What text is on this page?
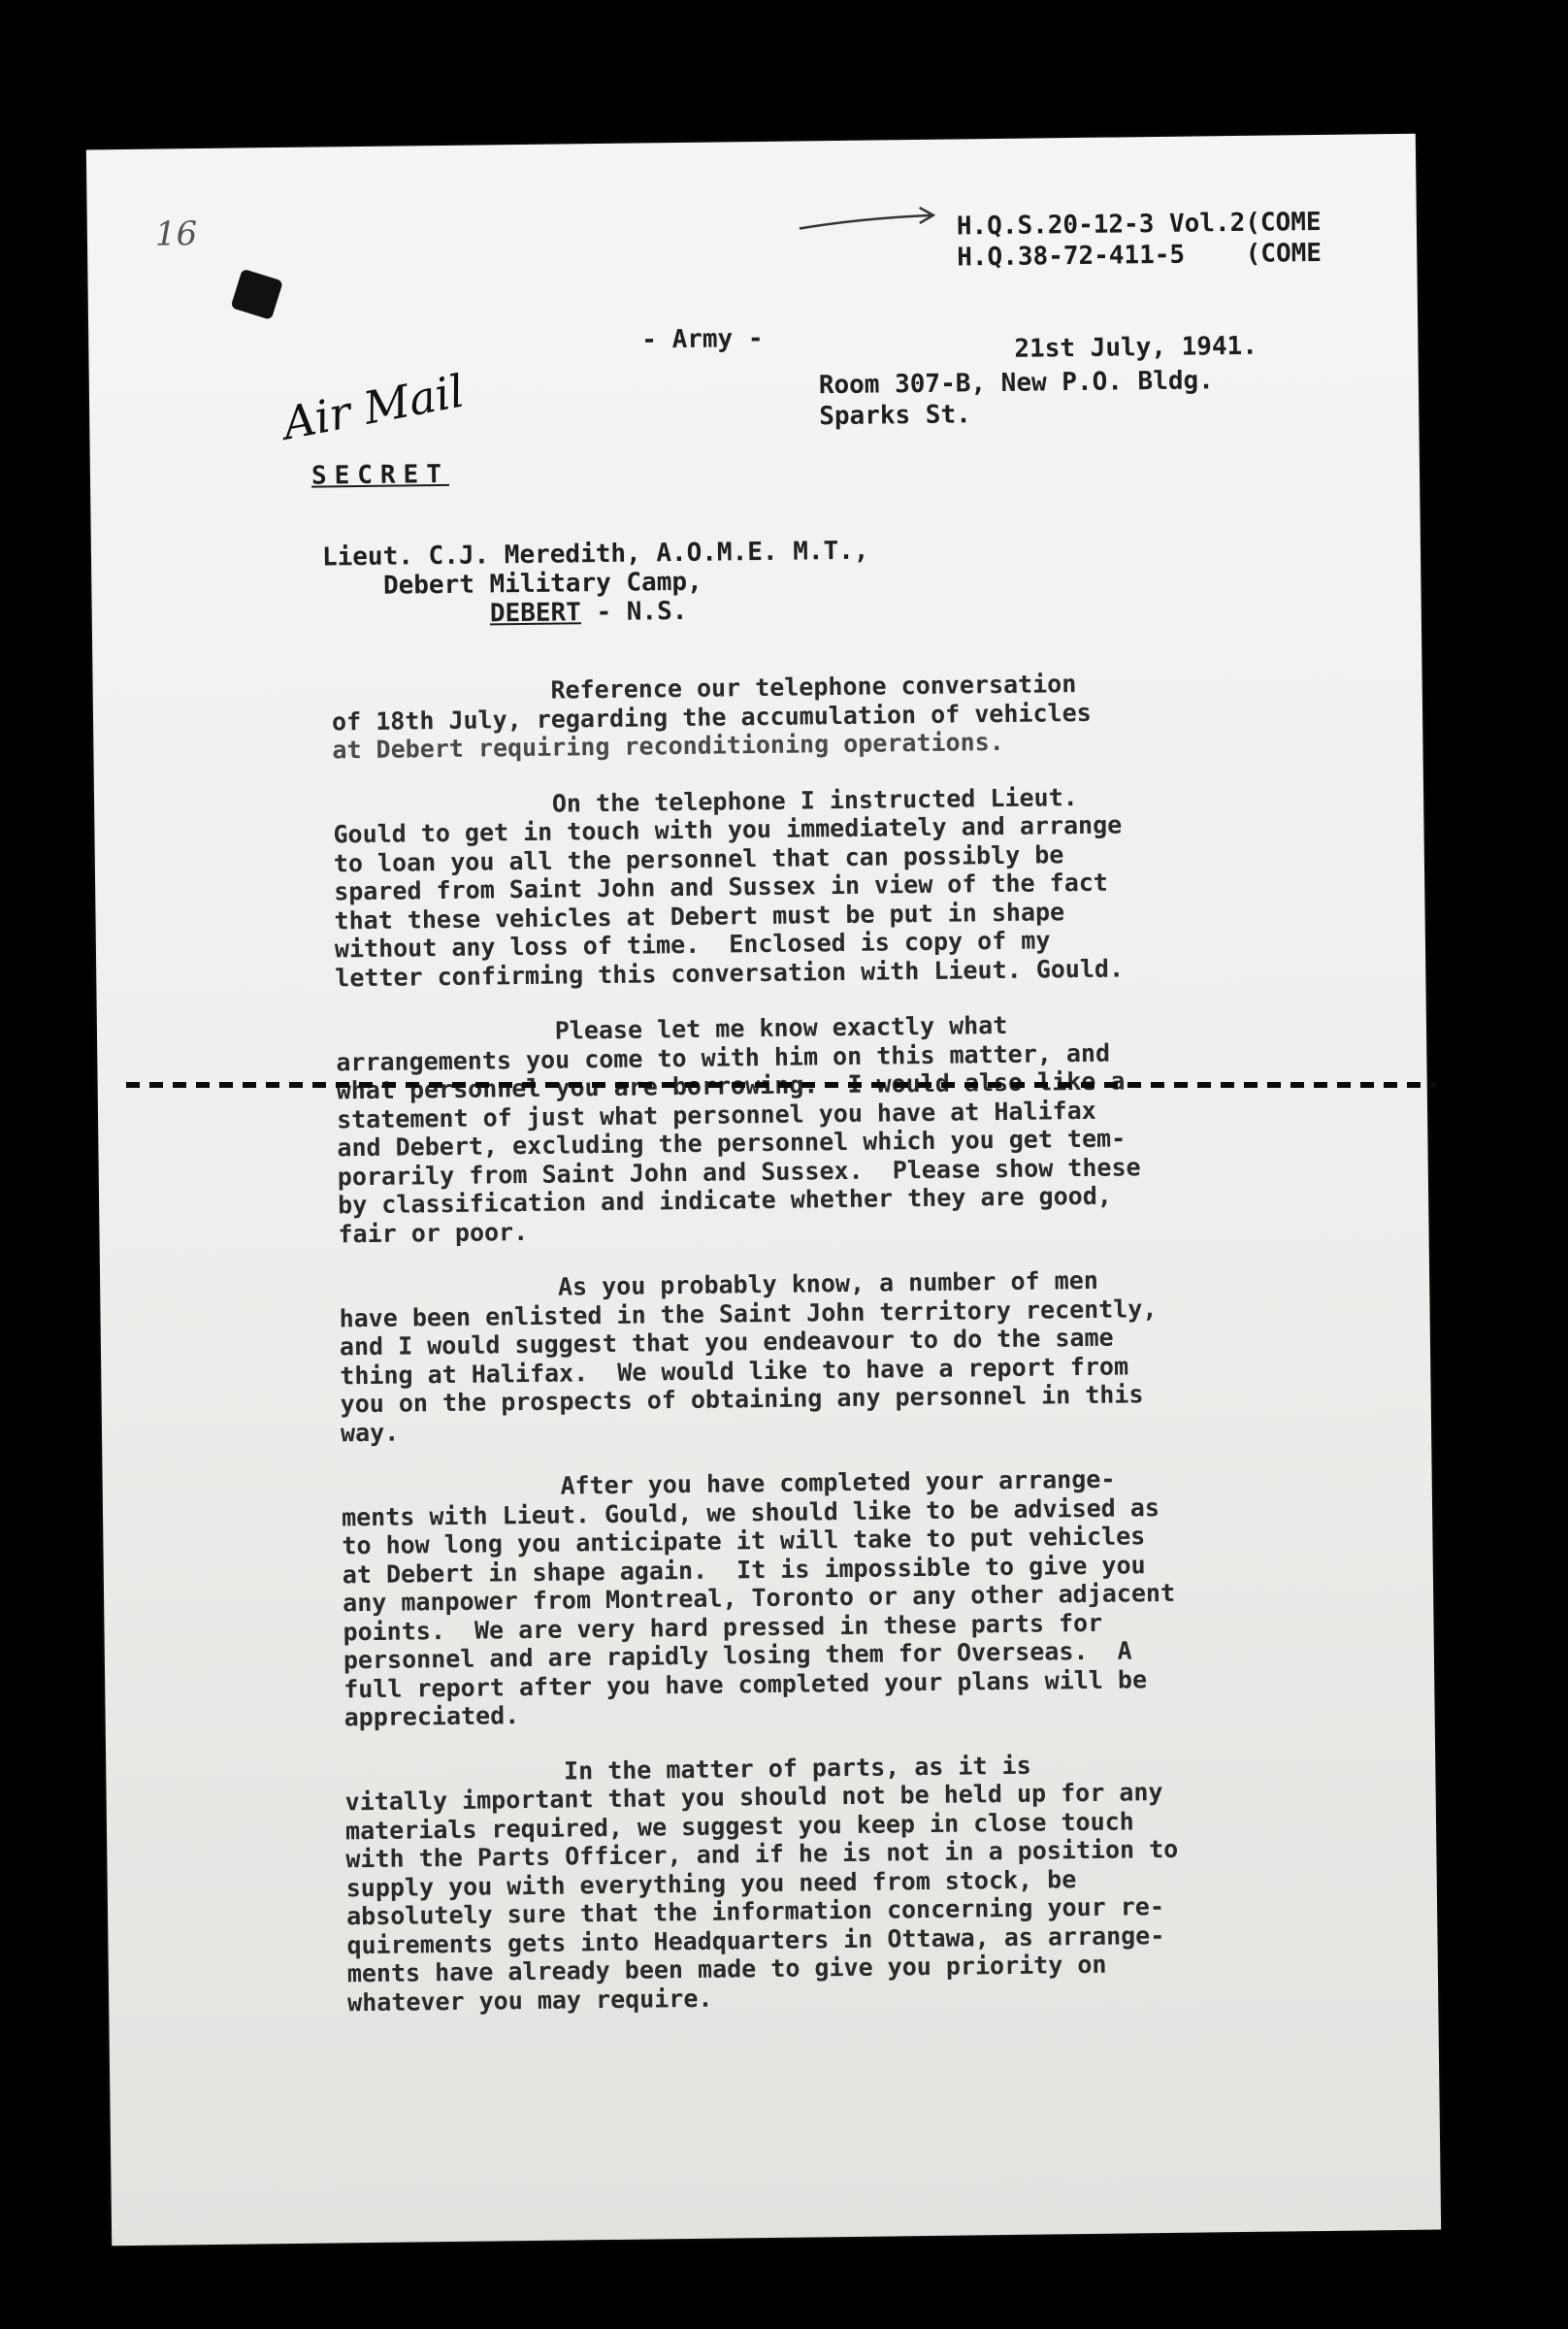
16	H.Q.S.20-12-3 Vol.2(COME
H.Q.38-72-411-5    (COME
- Army -	21st July, 1941.
Room 307-B, New P.O. Bldg.
Sparks St.
Air Mail
SECRET
Lieut. C.J. Meredith, A.O.M.E. M.T.,
Debert Military Camp,
DEBERT - N.S.
Reference our telephone conversation
of 18th July, regarding the accumulation of vehicles
at Debert requiring reconditioning operations.
On the telephone I instructed Lieut.
Gould to get in touch with you immediately and arrange
to loan you all the personnel that can possibly be
spared from Saint John and Sussex in view of the fact
that these vehicles at Debert must be put in shape
without any loss of time.  Enclosed is copy of my
letter confirming this conversation with Lieut. Gould.
Please let me know exactly what
arrangements you come to with him on this matter, and
what personnel you are borrowing.  I would also like a
statement of just what personnel you have at Halifax
and Debert, excluding the personnel which you get tem-
porarily from Saint John and Sussex.  Please show these
by classification and indicate whether they are good,
fair or poor.
As you probably know, a number of men
have been enlisted in the Saint John territory recently,
and I would suggest that you endeavour to do the same
thing at Halifax.  We would like to have a report from
you on the prospects of obtaining any personnel in this
way.
After you have completed your arrange-
ments with Lieut. Gould, we should like to be advised as
to how long you anticipate it will take to put vehicles
at Debert in shape again.  It is impossible to give you
any manpower from Montreal, Toronto or any other adjacent
points.  We are very hard pressed in these parts for
personnel and are rapidly losing them for Overseas.  A
full report after you have completed your plans will be
appreciated.
In the matter of parts, as it is
vitally important that you should not be held up for any
materials required, we suggest you keep in close touch
with the Parts Officer, and if he is not in a position to
supply you with everything you need from stock, be
absolutely sure that the information concerning your re-
quirements gets into Headquarters in Ottawa, as arrange-
ments have already been made to give you priority on
whatever you may require.
